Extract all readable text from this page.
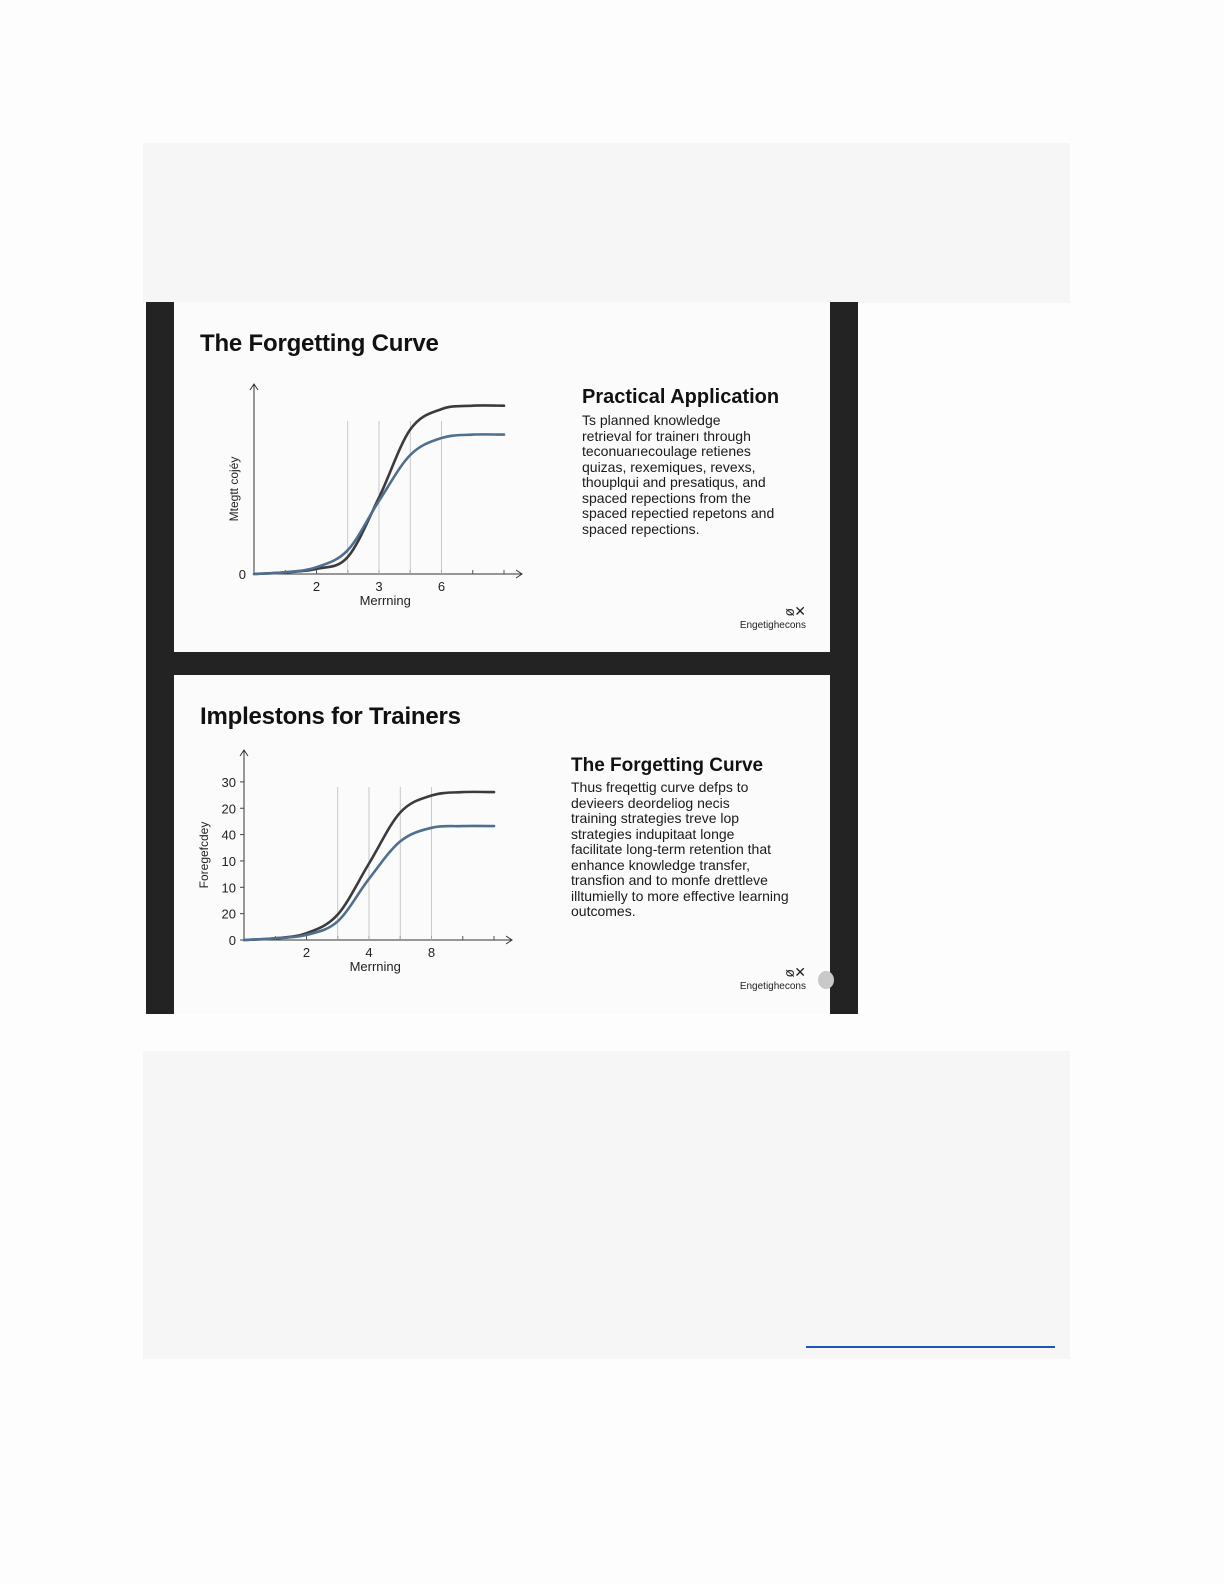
The Forgetting Curve
2	3	6
0
Merrning
Mtegtt cojéy
Practical Application
Ts planned knowledge
retrieval for trainerı through
teconuarıecoulage retienes
quizas, rexemiques, revexs,
thouplqui and presatiqus, and
spaced repections from the
spaced repectied repetons and
spaced repections.
ᴓ✕
Engetighecons
Implestons for Trainers
2	4	8
0
20
10
10
40
20
30
Merrning
Foregefcdey
The Forgetting Curve
Thus freqettig curve defps to
devieers deordeliog necis
training strategies treve lop
strategies indupitaat longe
facilitate long-term retention that
enhance knowledge transfer,
transfion and to monfe drettleve
illtumielly to more effective learning
outcomes.
ᴓ✕
Engetighecons
